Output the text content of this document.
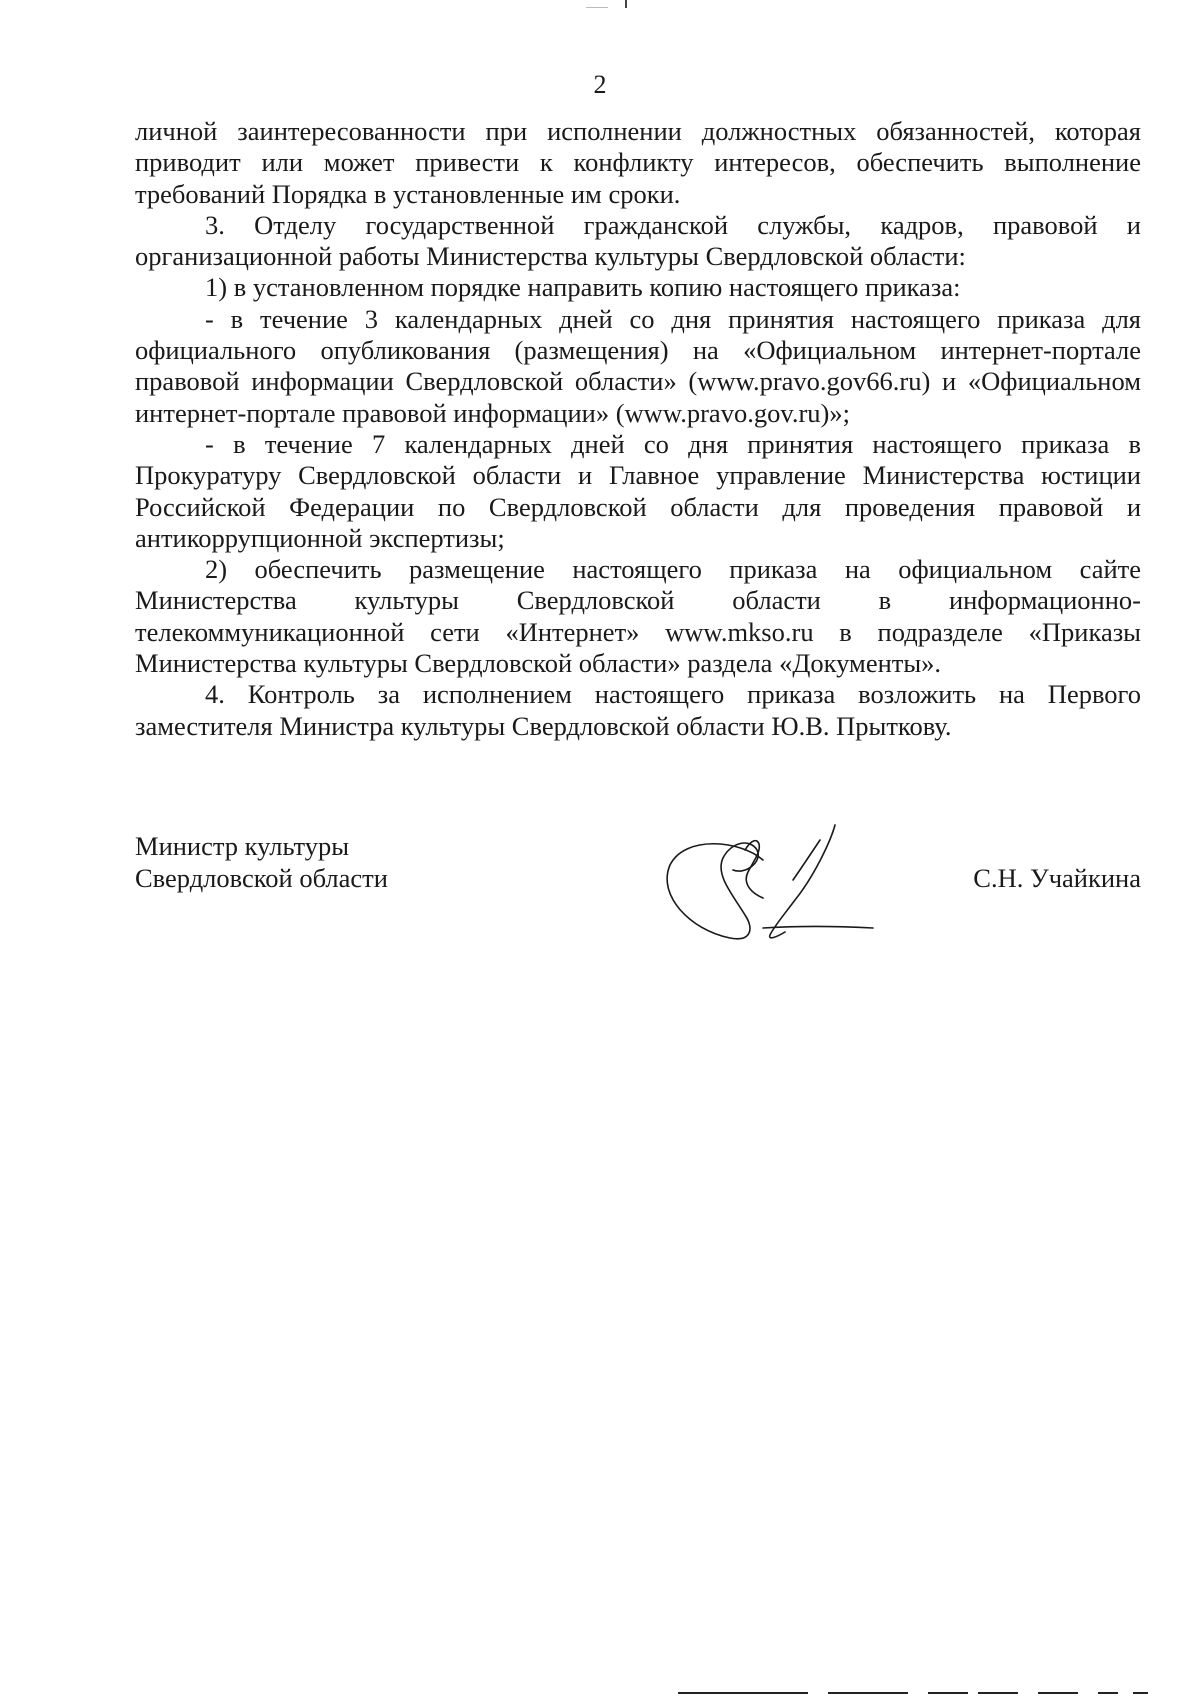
2

личной заинтересованности при исполнении должностных обязанностей, которая приводит или может привести к конфликту интересов, обеспечить выполнение требований Порядка в установленные им сроки.

3. Отделу государственной гражданской службы, кадров, правовой и организационной работы Министерства культуры Свердловской области:

1) в установленном порядке направить копию настоящего приказа:

- в течение 3 календарных дней со дня принятия настоящего приказа для официального опубликования (размещения) на «Официальном интернет-портале правовой информации Свердловской области» (www.pravo.gov66.ru) и «Официальном интернет-портале правовой информации» (www.pravo.gov.ru)»;

- в течение 7 календарных дней со дня принятия настоящего приказа в Прокуратуру Свердловской области и Главное управление Министерства юстиции Российской Федерации по Свердловской области для проведения правовой и антикоррупционной экспертизы;

2) обеспечить размещение настоящего приказа на официальном сайте Министерства культуры Свердловской области в информационно-телекоммуникационной сети «Интернет» www.mkso.ru в подразделе «Приказы Министерства культуры Свердловской области» раздела «Документы».

4. Контроль за исполнением настоящего приказа возложить на Первого заместителя Министра культуры Свердловской области Ю.В. Прыткову.

Министр культуры
Свердловской области	С.Н. Учайкина
